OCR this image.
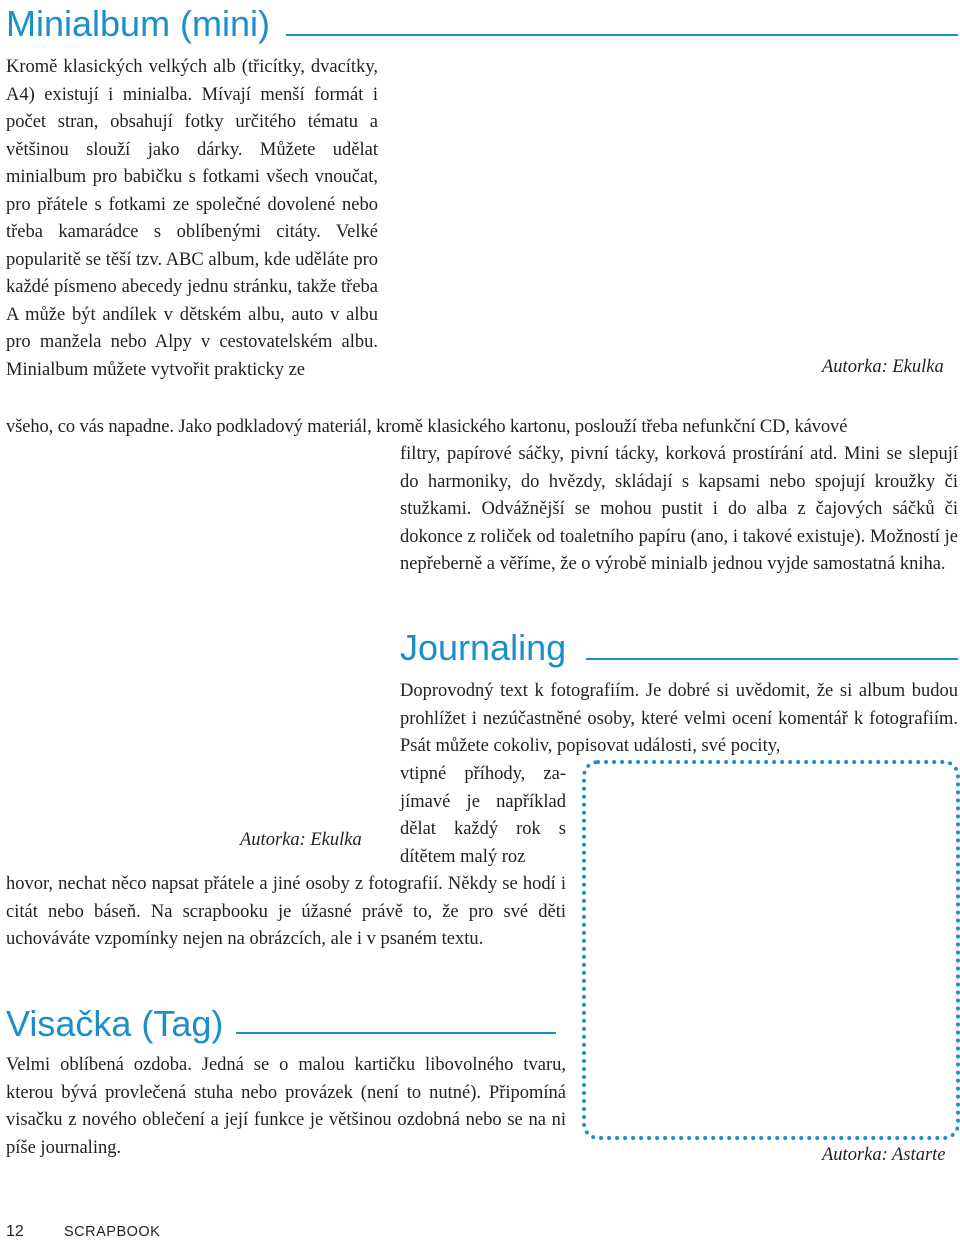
Minialbum (mini)

Kromě klasických velkých alb (třicítky, dvacítky, A4) existují i minialba. Mívají menší formát i počet stran, obsahují fotky určitého tématu a většinou slouží jako dárky. Můžete udělat minialbum pro babičku s fotkami všech vnoučat, pro přátele s fotkami ze společné dovolené nebo třeba kamarádce s oblíbenými citáty. Velké popularitě se těší tzv. ABC album, kde uděláte pro každé písmeno abecedy jednu stránku, takže třeba A může být andílek v dětském albu, auto v albu pro manžela nebo Alpy v cestovatelském albu. Minialbum můžete vytvořit prakticky ze

všeho, co vás napadne. Jako podkladový materiál, kromě klasického kartonu, poslouží třeba nefunkční CD, kávové

filtry, papírové sáčky, pivní tácky, korková prostírání atd. Mini se slepují do harmoniky, do hvězdy, skládají s kapsami nebo spojují kroužky či stužkami. Odvážnější se mohou pustit i do alba z čajových sáčků či dokonce z roliček od toaletního papíru (ano, i takové existuje). Možností je nepřeberně a věříme, že o výrobě minialb jednou vyjde samostatná kniha.

Autorka: Ekulka
Journaling

Doprovodný text k fotografiím. Je dobré si uvědomit, že si album budou prohlížet i nezúčastněné osoby, které velmi ocení komentář k fotografiím. Psát můžete cokoliv, popisovat události, své pocity,

vtipné příhody, zajímavé je například dělat každý rok s dítětem malý roz

hovor, nechat něco napsat přátele a jiné osoby z fotografií. Někdy se hodí i citát nebo báseň. Na scrapbooku je úžasné právě to, že pro své děti uchováváte vzpomínky nejen na obrázcích, ale i v psaném textu.

Autorka: Ekulka
Visačka (Tag)

Velmi oblíbená ozdoba. Jedná se o malou kartičku libovolného tvaru, kterou bývá provlečená stuha nebo provázek (není to nutné). Připomíná visačku z nového oblečení a její funkce je většinou ozdobná nebo se na ni píše journaling.	Autorka: Astarte
12	SCRAPBOOK
